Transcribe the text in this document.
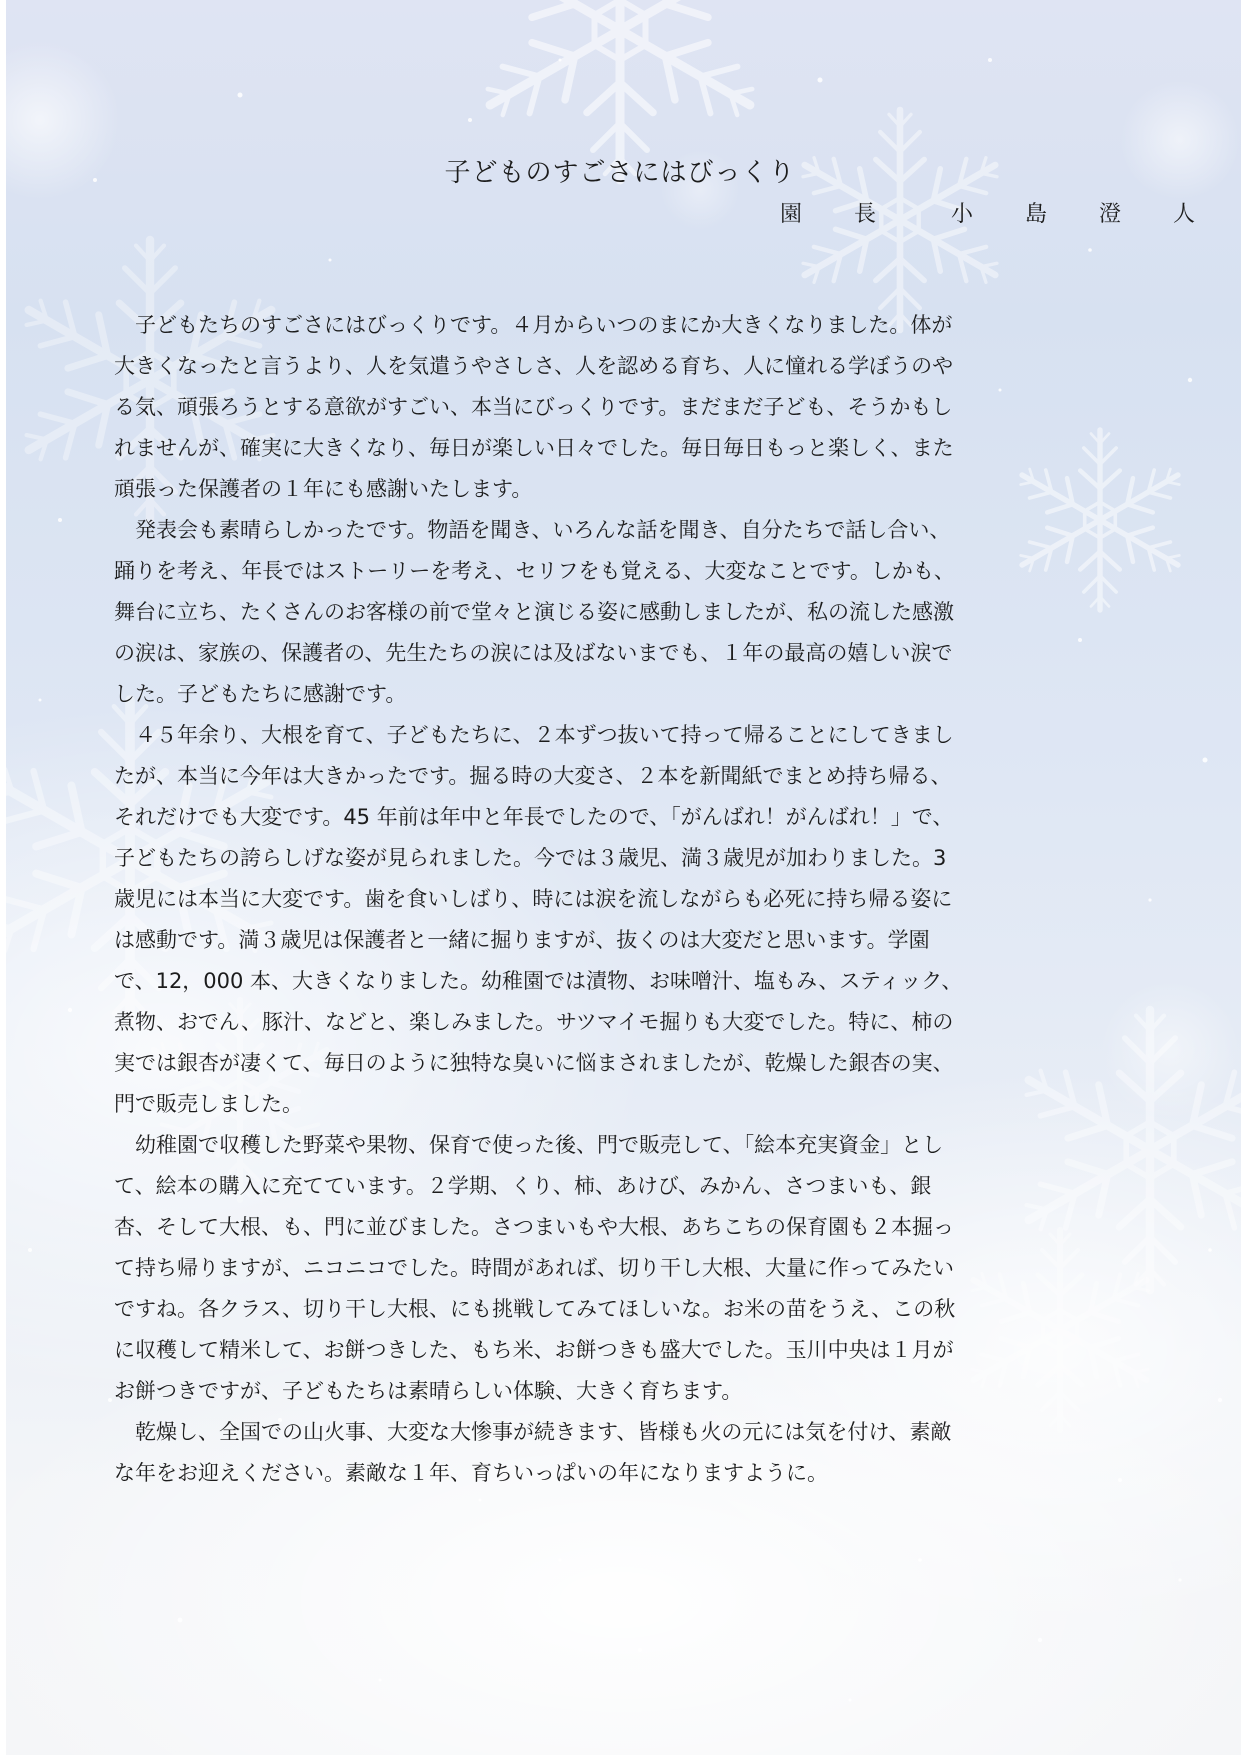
子どものすごさにはびっくり
園　長	小　島　澄　人
　子どもたちのすごさにはびっくりです。４月からいつのまにか大きくなりました。体が
大きくなったと言うより、人を気遣うやさしさ、人を認める育ち、人に憧れる学ぼうのや
る気、頑張ろうとする意欲がすごい、本当にびっくりです。まだまだ子ども、そうかもし
れませんが、確実に大きくなり、毎日が楽しい日々でした。毎日毎日もっと楽しく、また
頑張った保護者の１年にも感謝いたします。
　発表会も素晴らしかったです。物語を聞き、いろんな話を聞き、自分たちで話し合い、
踊りを考え、年長ではストーリーを考え、セリフをも覚える、大変なことです。しかも、
舞台に立ち、たくさんのお客様の前で堂々と演じる姿に感動しましたが、私の流した感激
の涙は、家族の、保護者の、先生たちの涙には及ばないまでも、１年の最高の嬉しい涙で
した。子どもたちに感謝です。
　４５年余り、大根を育て、子どもたちに、２本ずつ抜いて持って帰ることにしてきまし
たが、本当に今年は大きかったです。掘る時の大変さ、２本を新聞紙でまとめ持ち帰る、
それだけでも大変です。45 年前は年中と年長でしたので、「がんばれ！がんばれ！」で、
子どもたちの誇らしげな姿が見られました。今では３歳児、満３歳児が加わりました。3
歳児には本当に大変です。歯を食いしばり、時には涙を流しながらも必死に持ち帰る姿に
は感動です。満３歳児は保護者と一緒に掘りますが、抜くのは大変だと思います。学園
で、12，000 本、大きくなりました。幼稚園では漬物、お味噌汁、塩もみ、スティック、
煮物、おでん、豚汁、などと、楽しみました。サツマイモ掘りも大変でした。特に、柿の
実では銀杏が凄くて、毎日のように独特な臭いに悩まされましたが、乾燥した銀杏の実、
門で販売しました。
　幼稚園で収穫した野菜や果物、保育で使った後、門で販売して、「絵本充実資金」とし
て、絵本の購入に充てています。２学期、くり、柿、あけび、みかん、さつまいも、銀
杏、そして大根、も、門に並びました。さつまいもや大根、あちこちの保育園も２本掘っ
て持ち帰りますが、ニコニコでした。時間があれば、切り干し大根、大量に作ってみたい
ですね。各クラス、切り干し大根、にも挑戦してみてほしいな。お米の苗をうえ、この秋
に収穫して精米して、お餅つきした、もち米、お餅つきも盛大でした。玉川中央は１月が
お餅つきですが、子どもたちは素晴らしい体験、大きく育ちます。
　乾燥し、全国での山火事、大変な大惨事が続きます、皆様も火の元には気を付け、素敵
な年をお迎えください。素敵な１年、育ちいっぱいの年になりますように。
